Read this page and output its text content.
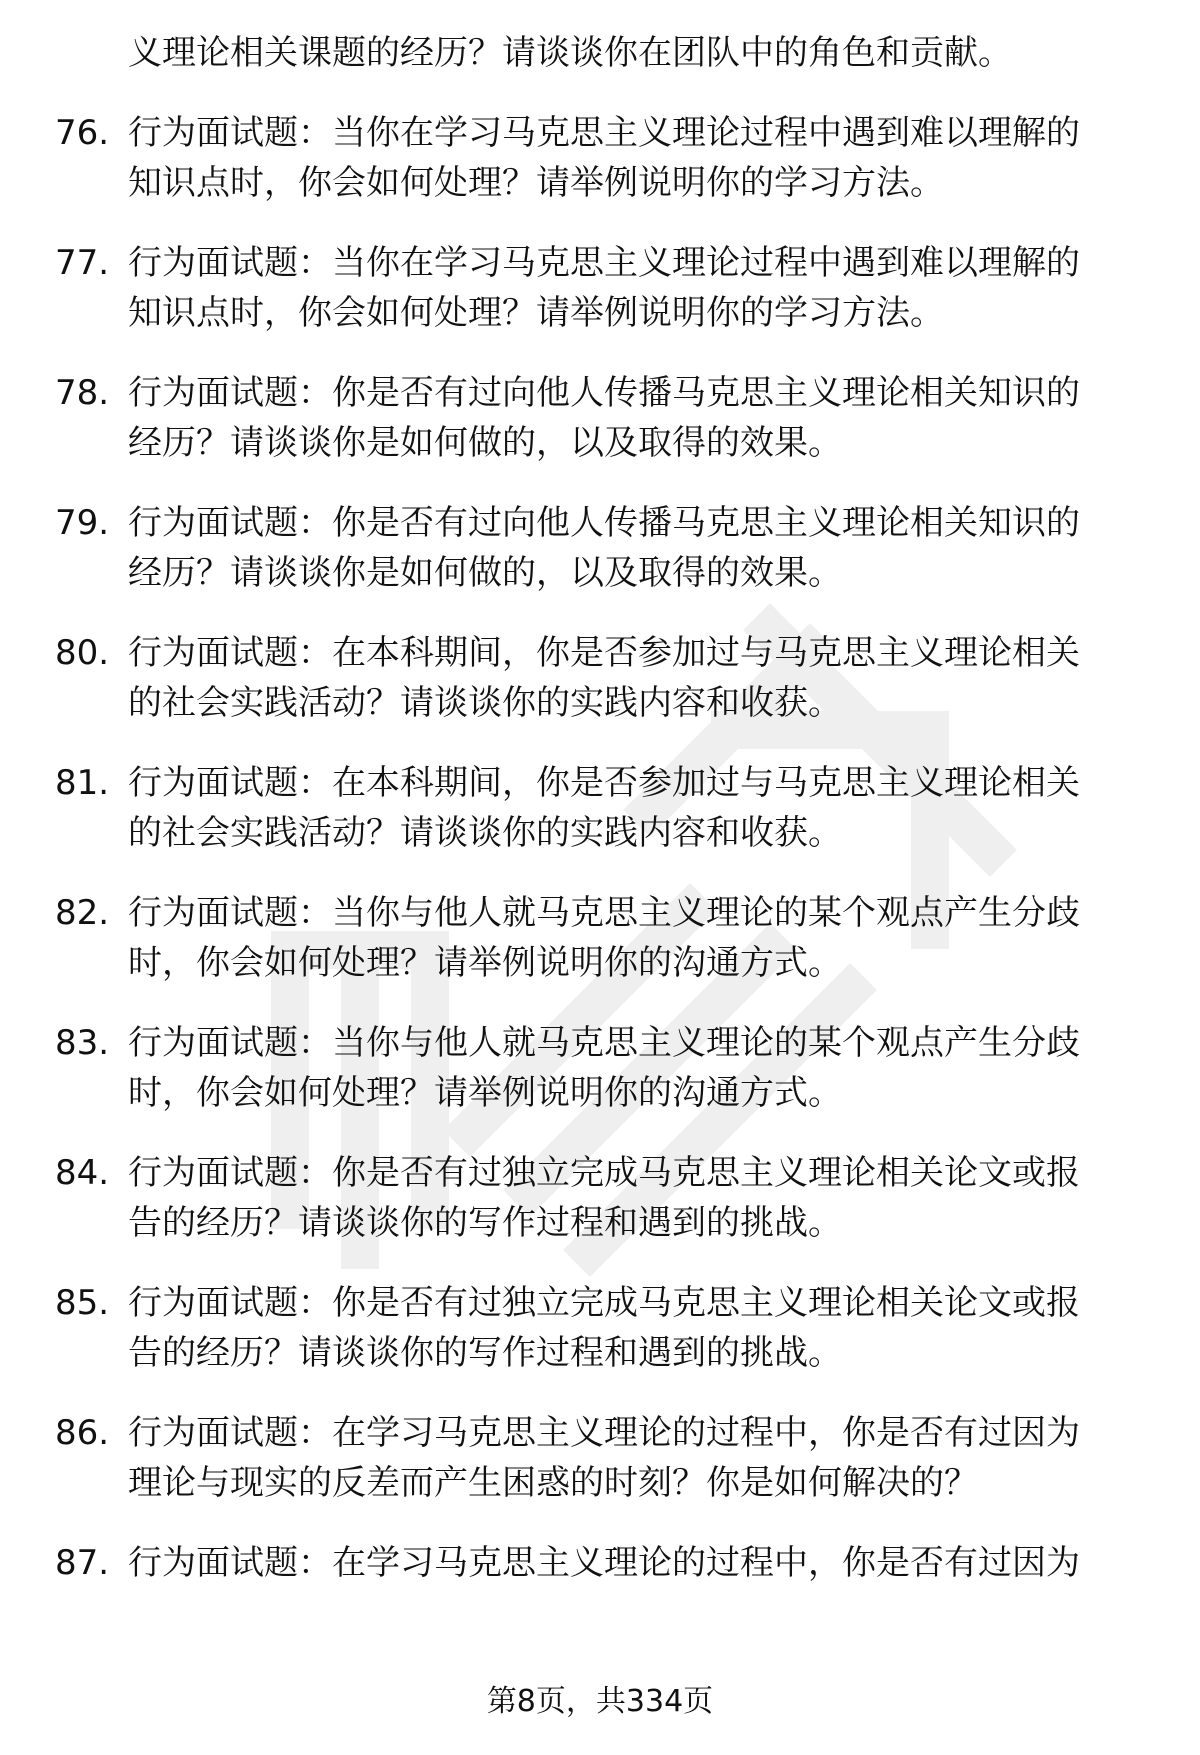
义理论相关课题的经历？请谈谈你在团队中的角色和贡献。
76. 行为面试题：当你在学习马克思主义理论过程中遇到难以理解的
知识点时，你会如何处理？请举例说明你的学习方法。
77. 行为面试题：当你在学习马克思主义理论过程中遇到难以理解的
知识点时，你会如何处理？请举例说明你的学习方法。
78. 行为面试题：你是否有过向他人传播马克思主义理论相关知识的
经历？请谈谈你是如何做的，以及取得的效果。
79. 行为面试题：你是否有过向他人传播马克思主义理论相关知识的
经历？请谈谈你是如何做的，以及取得的效果。
80. 行为面试题：在本科期间，你是否参加过与马克思主义理论相关
的社会实践活动？请谈谈你的实践内容和收获。
81. 行为面试题：在本科期间，你是否参加过与马克思主义理论相关
的社会实践活动？请谈谈你的实践内容和收获。
82. 行为面试题：当你与他人就马克思主义理论的某个观点产生分歧
时，你会如何处理？请举例说明你的沟通方式。
83. 行为面试题：当你与他人就马克思主义理论的某个观点产生分歧
时，你会如何处理？请举例说明你的沟通方式。
84. 行为面试题：你是否有过独立完成马克思主义理论相关论文或报
告的经历？请谈谈你的写作过程和遇到的挑战。
85. 行为面试题：你是否有过独立完成马克思主义理论相关论文或报
告的经历？请谈谈你的写作过程和遇到的挑战。
86. 行为面试题：在学习马克思主义理论的过程中，你是否有过因为
理论与现实的反差而产生困惑的时刻？你是如何解决的？
87. 行为面试题：在学习马克思主义理论的过程中，你是否有过因为
第8页，共334页
